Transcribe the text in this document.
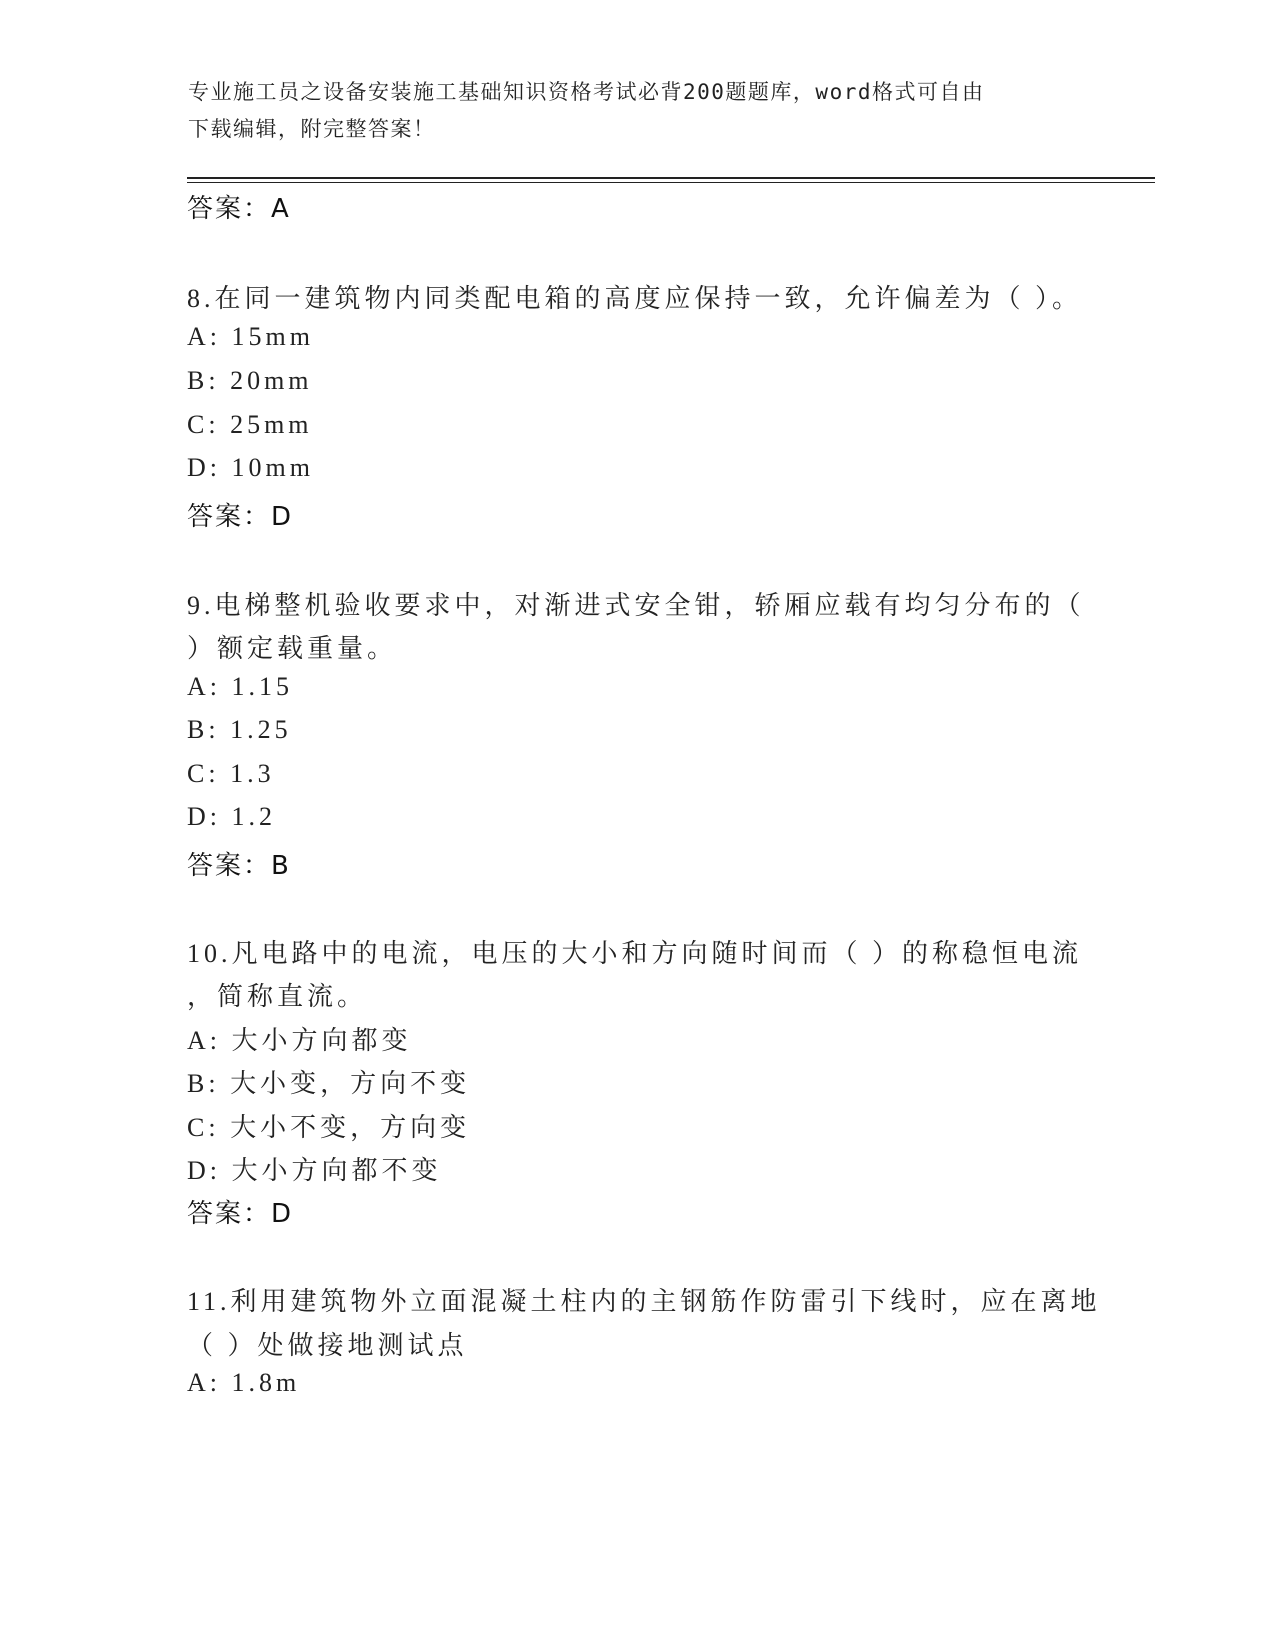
专业施工员之设备安装施工基础知识资格考试必背200题题库，word格式可自由
下载编辑，附完整答案！
答案：A
8.在同一建筑物内同类配电箱的高度应保持一致，允许偏差为（ ）。
A: 15mm
B: 20mm
C: 25mm
D: 10mm
答案：D
9.电梯整机验收要求中，对渐进式安全钳，轿厢应载有均匀分布的（
）额定载重量。
A: 1.15
B: 1.25
C: 1.3
D: 1.2
答案：B
10.凡电路中的电流，电压的大小和方向随时间而（ ）的称稳恒电流
，简称直流。
A: 大小方向都变
B: 大小变，方向不变
C: 大小不变，方向变
D: 大小方向都不变
答案：D
11.利用建筑物外立面混凝土柱内的主钢筋作防雷引下线时，应在离地
（ ）处做接地测试点
A: 1.8m
